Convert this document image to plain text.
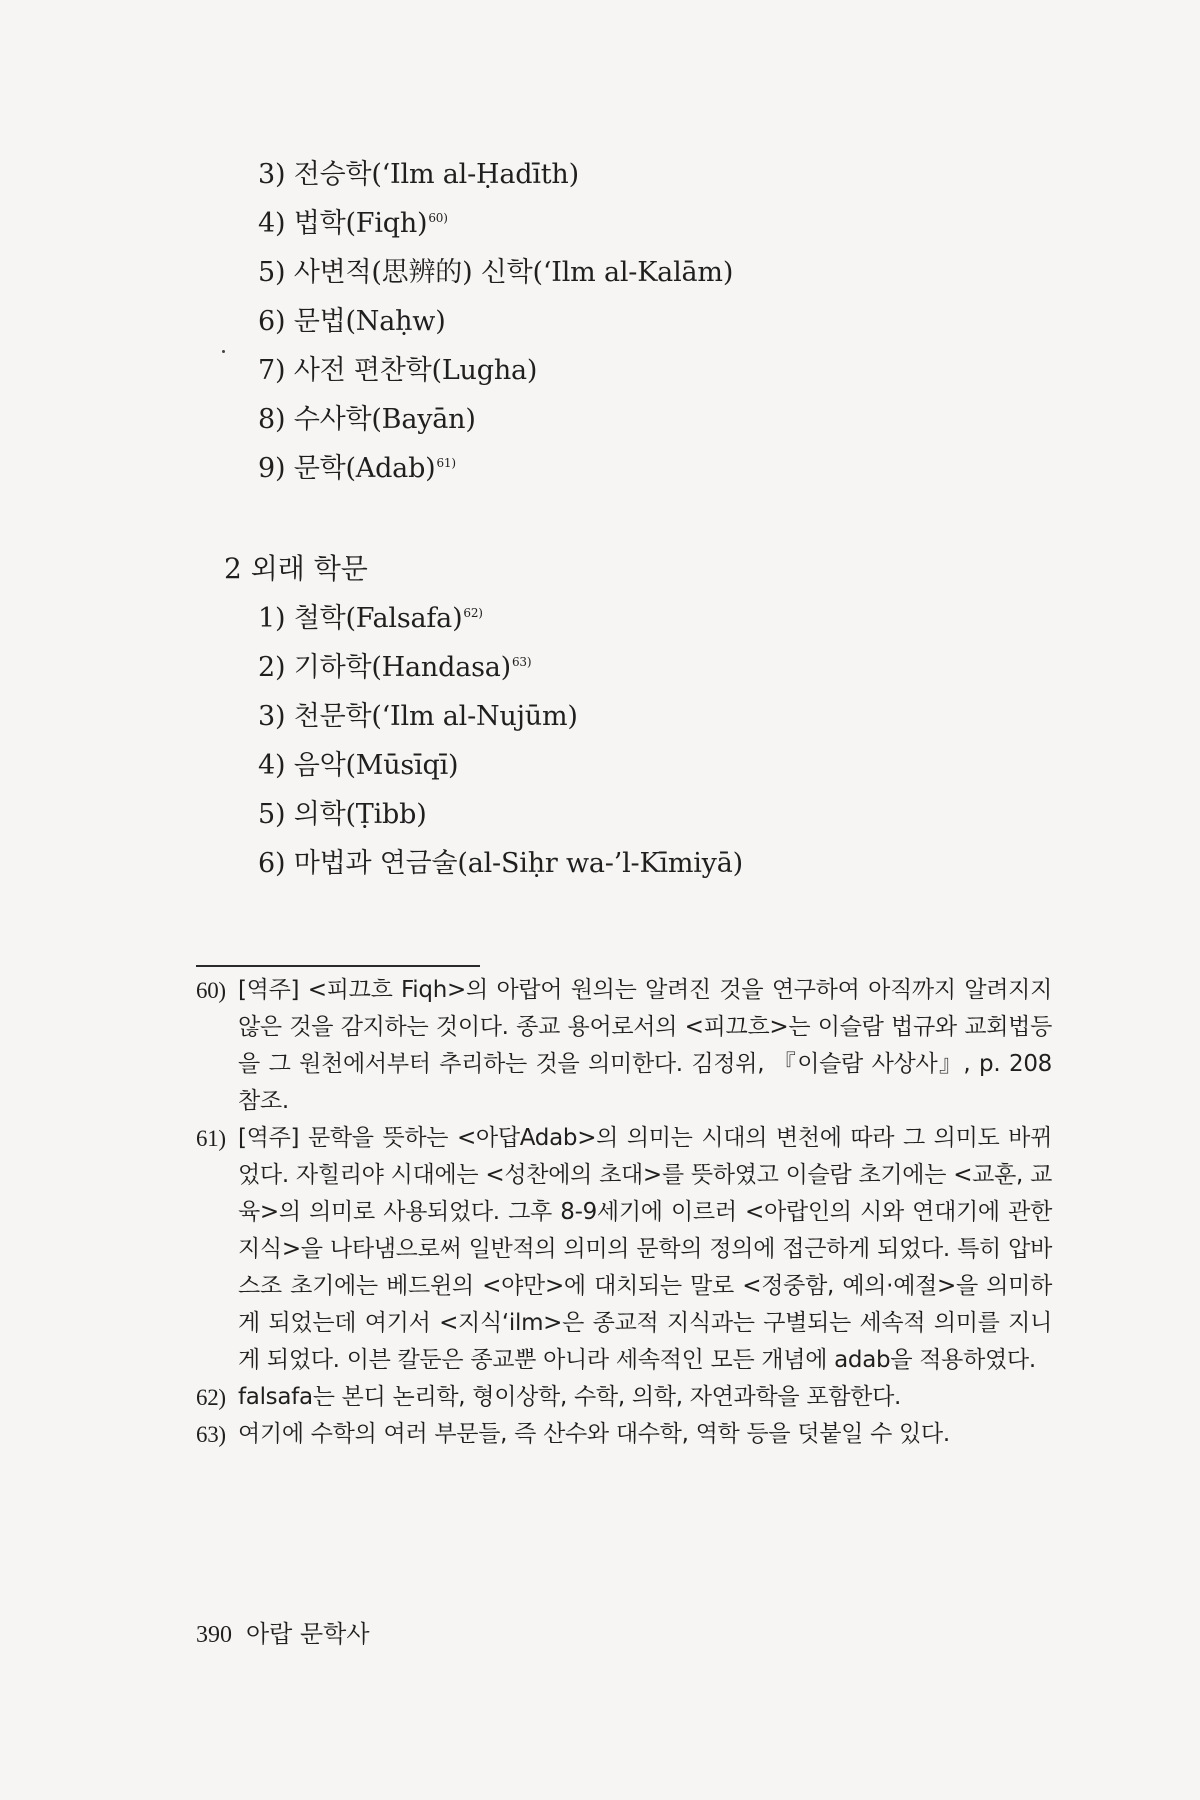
3) 전승학(‘Ilm al-Ḥadīth)
4) 법학(Fiqh)$^{60)}$
5) 사변적(思辨的) 신학(‘Ilm al-Kalām)
6) 문법(Naḥw)
7) 사전 편찬학(Lugha)
8) 수사학(Bayān)
9) 문학(Adab)$^{61)}$
2 외래 학문
1) 철학(Falsafa)$^{62)}$
2) 기하학(Handasa)$^{63)}$
3) 천문학(‘Ilm al-Nujūm)
4) 음악(Mūsīqī)
5) 의학(Ṭibb)
6) 마법과 연금술(al-Siḥr wa-’l-Kīmiyā)

60) [역주] <피끄흐 Fiqh>의 아랍어 원의는 알려진 것을 연구하여 아직까지 알려지지 않은 것을 감지하는 것이다. 종교 용어로서의 <피끄흐>는 이슬람 법규와 교회법등을 그 원천에서부터 추리하는 것을 의미한다. 김정위, 『이슬람 사상사』, p. 208 참조.

61) [역주] 문학을 뜻하는 <아답Adab>의 의미는 시대의 변천에 따라 그 의미도 바뀌었다. 자힐리야 시대에는 <성찬에의 초대>를 뜻하였고 이슬람 초기에는 <교훈, 교육>의 의미로 사용되었다. 그후 8-9세기에 이르러 <아랍인의 시와 연대기에 관한 지식>을 나타냄으로써 일반적의 의미의 문학의 정의에 접근하게 되었다. 특히 압바스조 초기에는 베드윈의 <야만>에 대치되는 말로 <정중함, 예의·예절>을 의미하게 되었는데 여기서 <지식‘ilm>은 종교적 지식과는 구별되는 세속적 의미를 지니게 되었다. 이븐 칼둔은 종교뿐 아니라 세속적인 모든 개념에 adab을 적용하였다.

62) falsafa는 본디 논리학, 형이상학, 수학, 의학, 자연과학을 포함한다.

63) 여기에 수학의 여러 부문들, 즉 산수와 대수학, 역학 등을 덧붙일 수 있다.

390 아랍 문학사
